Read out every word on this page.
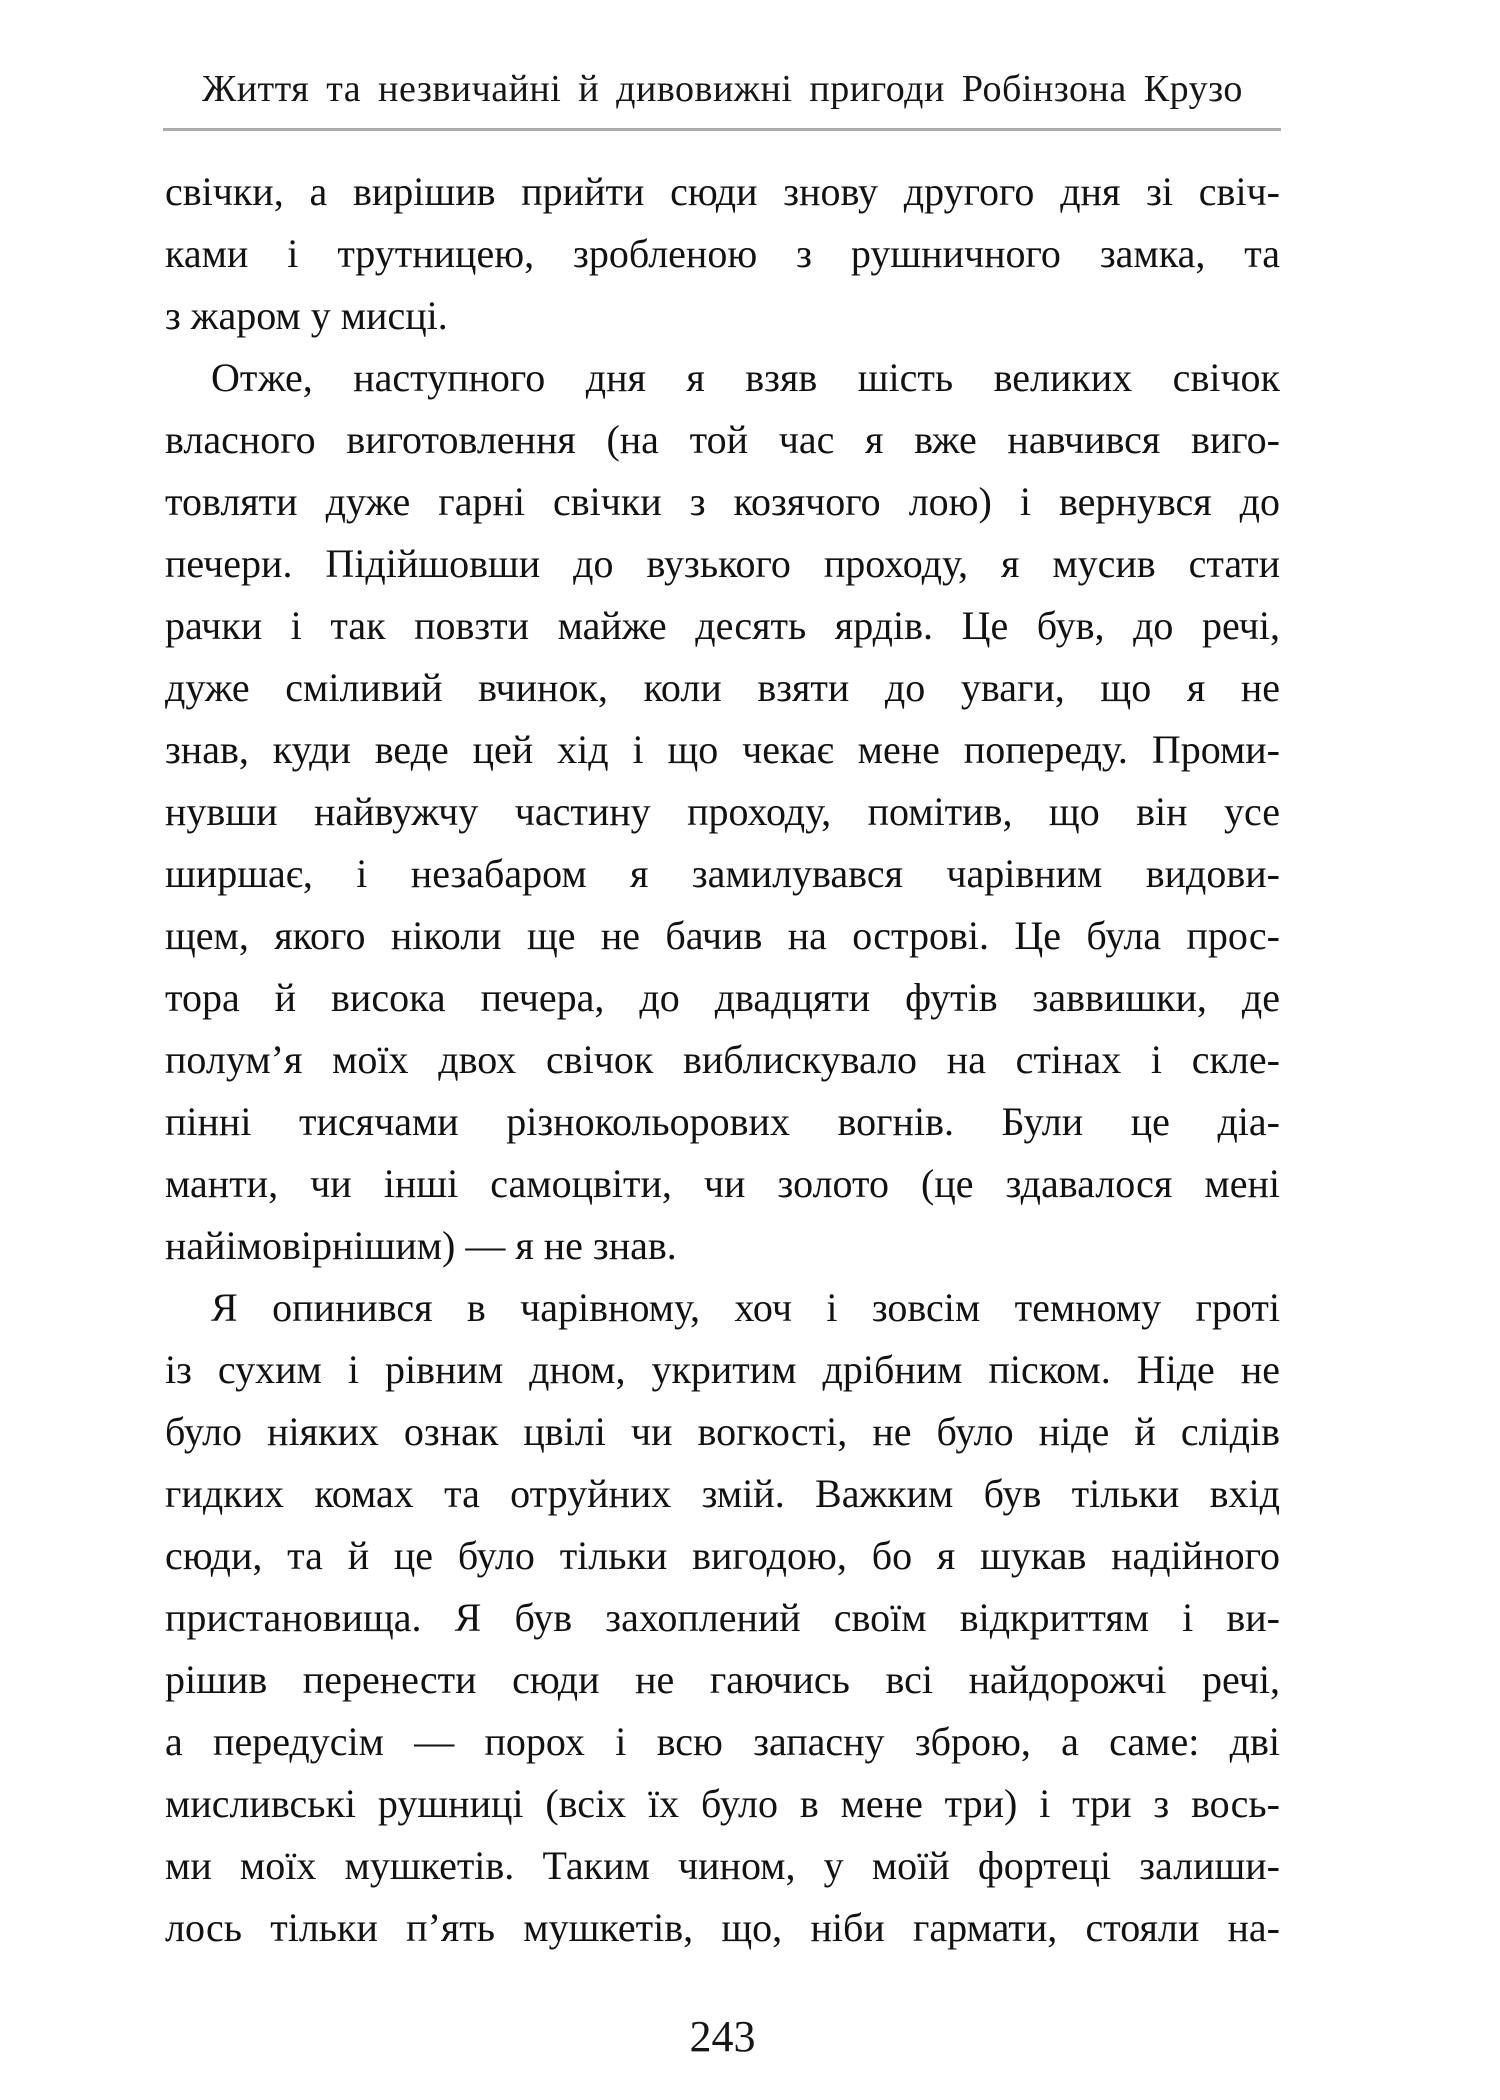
Життя та незвичайні й дивовижні пригоди Робінзона Крузо
свічки, а вирішив прийти сюди знову другого дня зі свіч-
ками і трутницею, зробленою з рушничного замка, та
з жаром у мисці.
Отже, наступного дня я взяв шість великих свічок
власного виготовлення (на той час я вже навчився виго-
товляти дуже гарні свічки з козячого лою) і вернувся до
печери. Підійшовши до вузького проходу, я мусив стати
рачки і так повзти майже десять ярдів. Це був, до речі,
дуже сміливий вчинок, коли взяти до уваги, що я не
знав, куди веде цей хід і що чекає мене попереду. Проми-
нувши найвужчу частину проходу, помітив, що він усе
ширшає, і незабаром я замилувався чарівним видови-
щем, якого ніколи ще не бачив на острові. Це була прос-
тора й висока печера, до двадцяти футів заввишки, де
полум’я моїх двох свічок виблискувало на стінах і скле-
пінні тисячами різнокольорових вогнів. Були це діа-
манти, чи інші самоцвіти, чи золото (це здавалося мені
найімовірнішим) — я не знав.
Я опинився в чарівному, хоч і зовсім темному гроті
із сухим і рівним дном, укритим дрібним піском. Ніде не
було ніяких ознак цвілі чи вогкості, не було ніде й слідів
гидких комах та отруйних змій. Важким був тільки вхід
сюди, та й це було тільки вигодою, бо я шукав надійного
пристановища. Я був захоплений своїм відкриттям і ви-
рішив перенести сюди не гаючись всі найдорожчі речі,
а передусім — порох і всю запасну зброю, а саме: дві
мисливські рушниці (всіх їх було в мене три) і три з вось-
ми моїх мушкетів. Таким чином, у моїй фортеці залиши-
лось тільки п’ять мушкетів, що, ніби гармати, стояли на-
243
